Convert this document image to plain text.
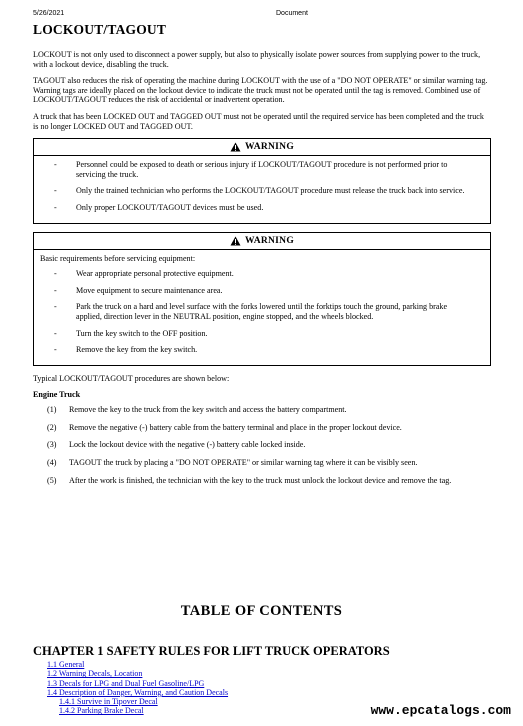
5/26/2021	Document
LOCKOUT/TAGOUT

LOCKOUT is not only used to disconnect a power supply, but also to physically isolate power sources from supplying power to the truck, with a lockout device, disabling the truck.

TAGOUT also reduces the risk of operating the machine during LOCKOUT with the use of a "DO NOT OPERATE" or similar warning tag. Warning tags are ideally placed on the lockout device to indicate the truck must not be operated until the tag is removed. Combined use of LOCKOUT/TAGOUT reduces the risk of accidental or inadvertent operation.

A truck that has been LOCKED OUT and TAGGED OUT must not be operated until the required service has been completed and the truck is no longer LOCKED OUT and TAGGED OUT.

WARNING
-	Personnel could be exposed to death or serious injury if LOCKOUT/TAGOUT procedure is not performed prior to servicing the truck.
-	Only the trained technician who performs the LOCKOUT/TAGOUT procedure must release the truck back into service.
-	Only proper LOCKOUT/TAGOUT devices must be used.
WARNING

Basic requirements before servicing equipment:

-	Wear appropriate personal protective equipment.
-	Move equipment to secure maintenance area.
-	Park the truck on a hard and level surface with the forks lowered until the forktips touch the ground, parking brake applied, direction lever in the NEUTRAL position, engine stopped, and the wheels blocked.
-	Turn the key switch to the OFF position.
-	Remove the key from the key switch.

Typical LOCKOUT/TAGOUT procedures are shown below:

Engine Truck
(1)	Remove the key to the truck from the key switch and access the battery compartment.
(2)	Remove the negative (-) battery cable from the battery terminal and place in the proper lockout device.
(3)	Lock the lockout device with the negative (-) battery cable locked inside.
(4)	TAGOUT the truck by placing a "DO NOT OPERATE" or similar warning tag where it can be visibly seen.
(5)	After the work is finished, the technician with the key to the truck must unlock the lockout device and remove the tag.
TABLE OF CONTENTS
CHAPTER 1 SAFETY RULES FOR LIFT TRUCK OPERATORS
1.1 General
1.2 Warning Decals, Location
1.3 Decals for LPG and Dual Fuel Gasoline/LPG
1.4 Description of Danger, Warning, and Caution Decals
1.4.1 Survive in Tipover Decal
1.4.2 Parking Brake Decal	www.epcatalogs.com
